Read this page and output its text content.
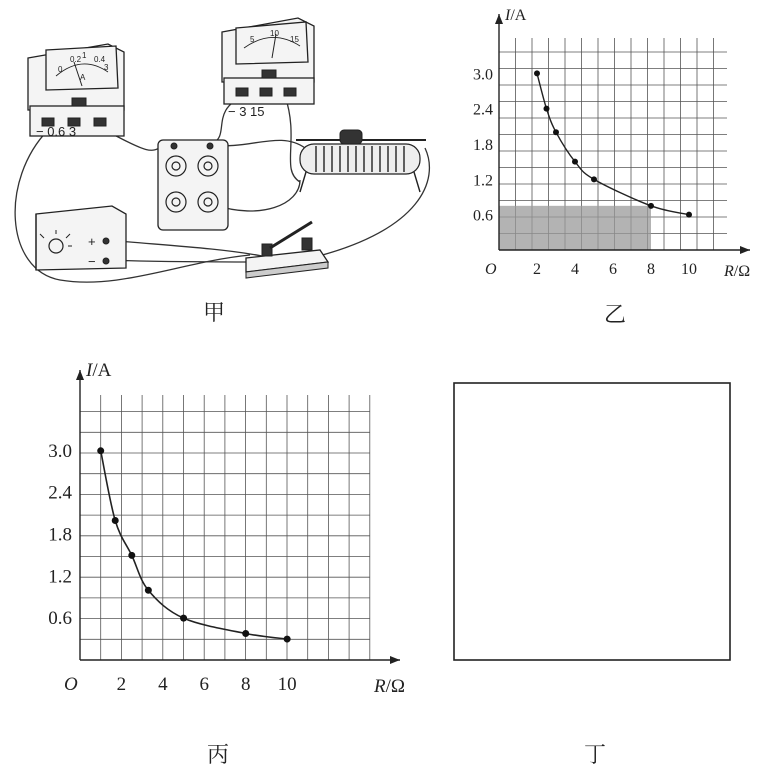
0
0.2 1 0.4
3
A
− 0.6 3
5
10
15
− 3 15
+
−
甲
2 4 6 8 10
3.0
2.4
1.8
1.2
0.6
O
I/A
R/Ω
乙
2 4 6 8 10
3.0
2.4
1.8
1.2
0.6
O
I/A
R/Ω
丙	丁
